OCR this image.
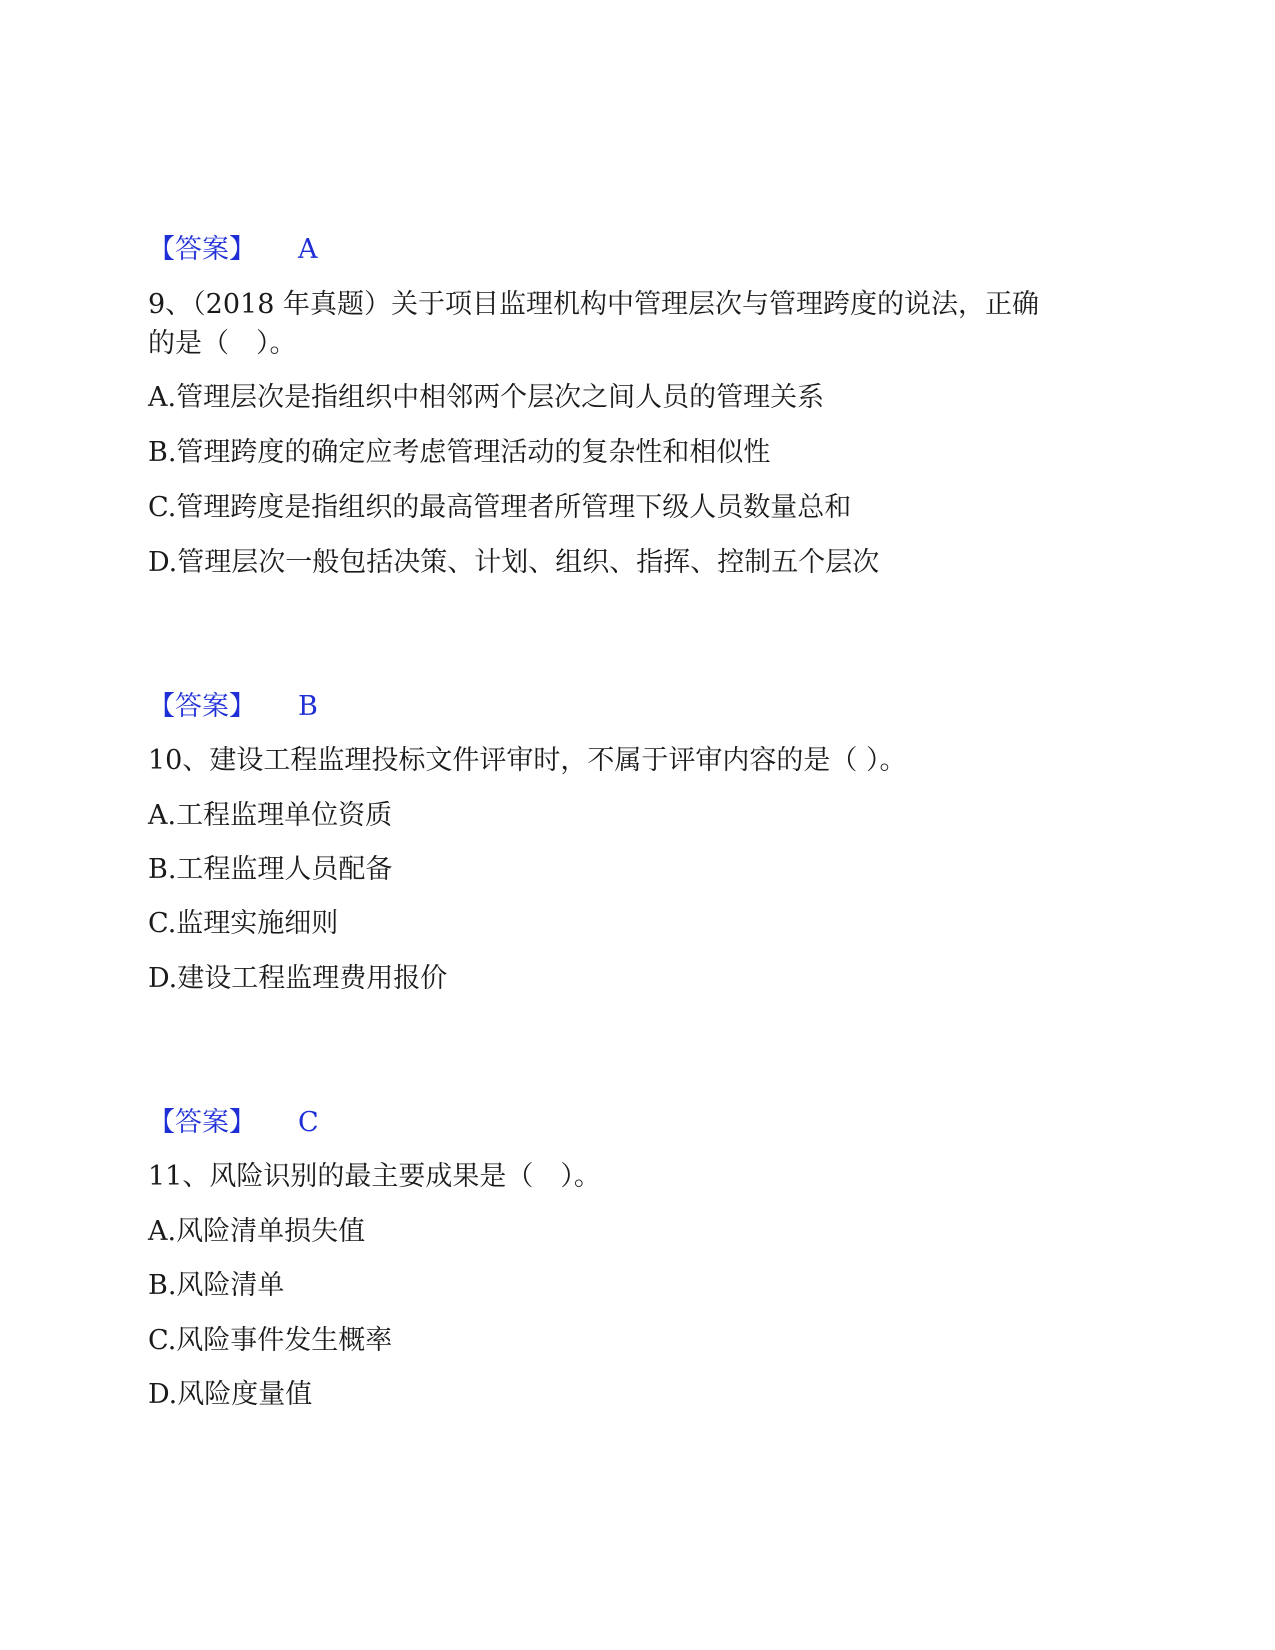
【答案】 A
9、（2018 年真题）关于项目监理机构中管理层次与管理跨度的说法，正确
的是（　）。
A.管理层次是指组织中相邻两个层次之间人员的管理关系
B.管理跨度的确定应考虑管理活动的复杂性和相似性
C.管理跨度是指组织的最高管理者所管理下级人员数量总和
D.管理层次一般包括决策、计划、组织、指挥、控制五个层次
【答案】 B
10、建设工程监理投标文件评审时，不属于评审内容的是（ ）。
A.工程监理单位资质
B.工程监理人员配备
C.监理实施细则
D.建设工程监理费用报价
【答案】 C
11、风险识别的最主要成果是（　）。
A.风险清单损失值
B.风险清单
C.风险事件发生概率
D.风险度量值
